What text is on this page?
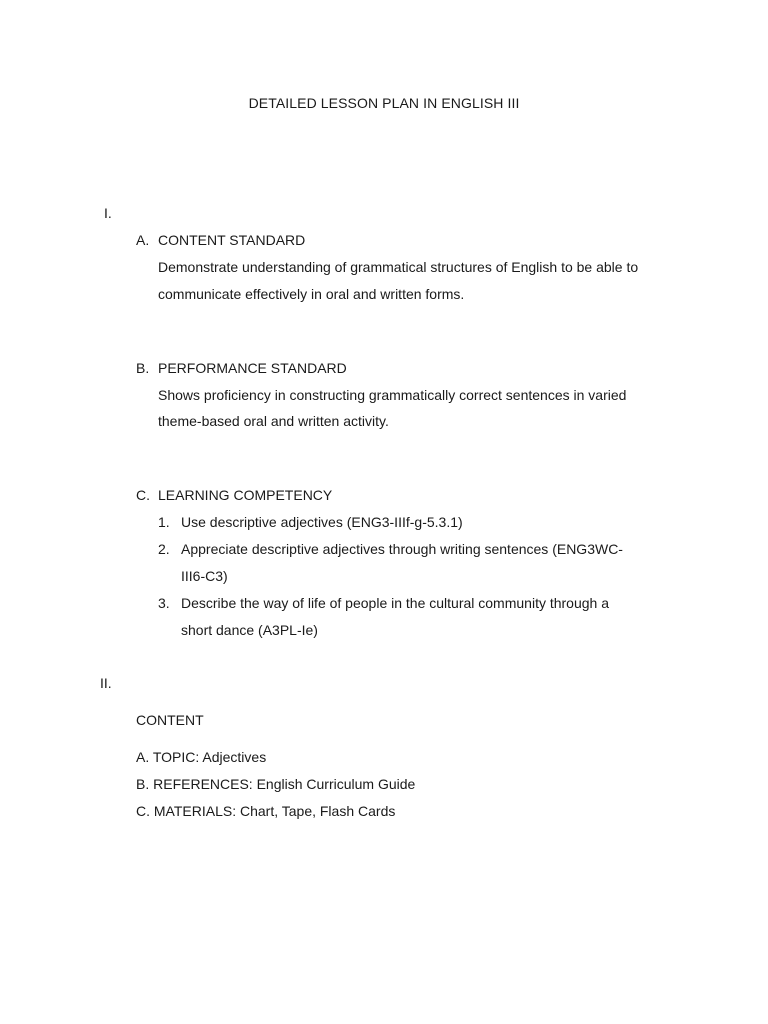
DETAILED LESSON PLAN IN ENGLISH III
I.
A. CONTENT STANDARD
Demonstrate understanding of grammatical structures of English to be able to
communicate effectively in oral and written forms.
B. PERFORMANCE STANDARD
Shows proficiency in constructing grammatically correct sentences in varied
theme-based oral and written activity.
C. LEARNING COMPETENCY
1. Use descriptive adjectives (ENG3-IIIf-g-5.3.1)
2. Appreciate descriptive adjectives through writing sentences (ENG3WC-
III6-C3)
3. Describe the way of life of people in the cultural community through a
short dance (A3PL-Ie)
II.
CONTENT
A. TOPIC: Adjectives
B. REFERENCES: English Curriculum Guide
C. MATERIALS: Chart, Tape, Flash Cards
